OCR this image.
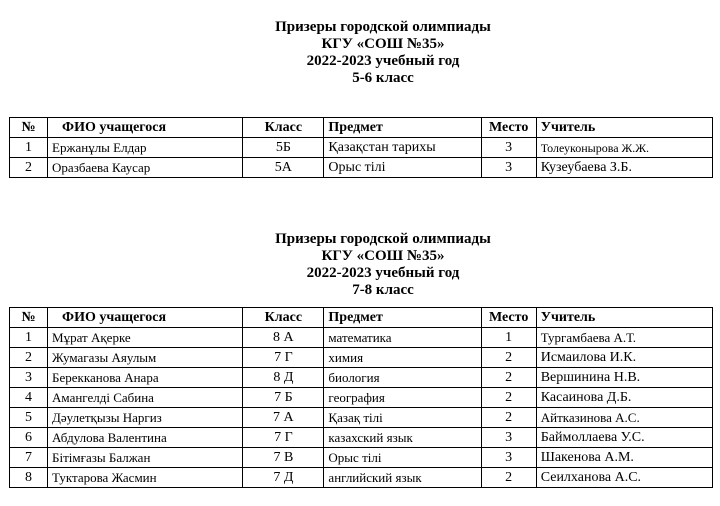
Призеры городской олимпиады
КГУ «СОШ №35»
2022-2023 учебный год
5-6 класс
№	ФИО учащегося	Класс	Предмет	Место	Учитель
1	Ержанұлы Елдар	5Б	Қазақстан тарихы	3	Толеуконырова Ж.Ж.
2	Оразбаева Каусар	5А	Орыс тілі	3	Кузеубаева З.Б.
Призеры городской олимпиады
КГУ «СОШ №35»
2022-2023 учебный год
7-8 класс
№	ФИО учащегося	Класс	Предмет	Место	Учитель
1	Мұрат Ақерке	8 А	математика	1	Тургамбаева А.Т.
2	Жумагазы Аяулым	7 Г	химия	2	Исмаилова И.К.
3	Берекканова Анара	8 Д	биология	2	Вершинина Н.В.
4	Амангелді Сабина	7 Б	география	2	Касаинова Д.Б.
5	Дәулетқызы Наргиз	7 А	Қазақ тілі	2	Айтказинова А.С.
6	Абдулова Валентина	7 Г	казахский язык	3	Баймоллаева У.С.
7	Бітімғазы Балжан	7 В	Орыс тілі	3	Шакенова А.М.
8	Туктарова Жасмин	7 Д	английский язык	2	Сеилханова А.С.
